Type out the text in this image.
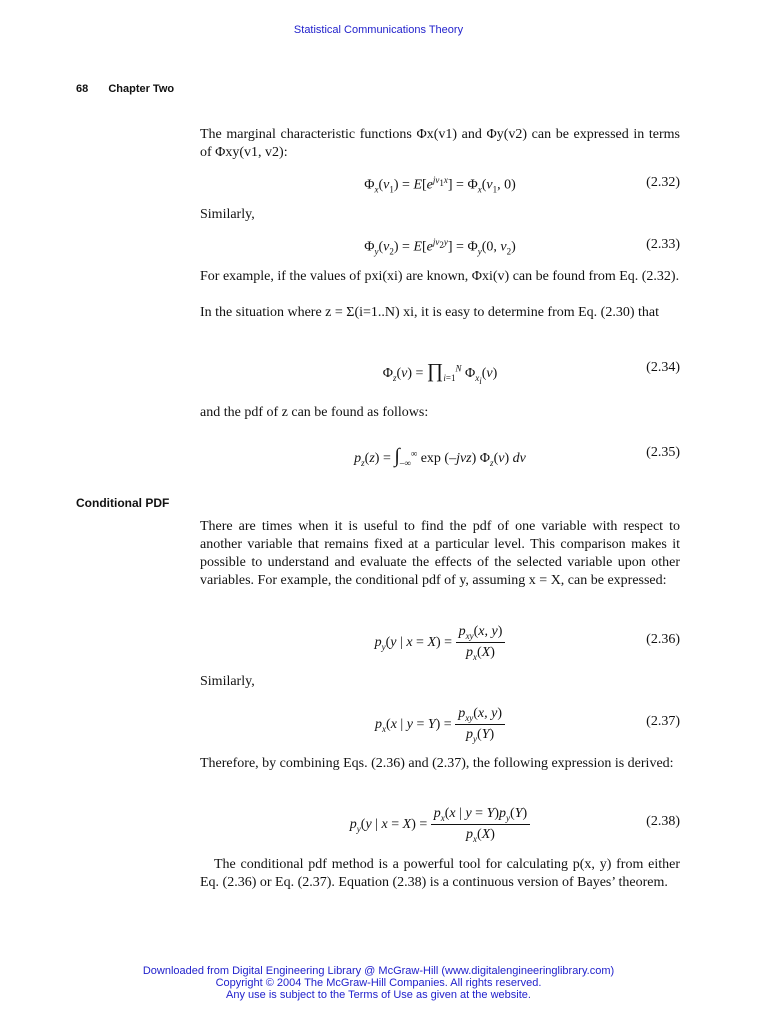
Statistical Communications Theory
68 Chapter Two
The marginal characteristic functions Φx(v1) and Φy(v2) can be expressed in terms of Φxy(v1, v2):
$\Phi_x(v_1) = E[e^{jv_1x}] = \Phi_x(v_1$, 0)	(2.32)
Similarly,
$\Phi_y(v_2) = E[e^{jv_2y}] = \Phi_y(0$, $v_2$)	(2.33)
For example, if the values of pxi(xi) are known, Φxi(v) can be found from Eq. (2.32).
In the situation where z = Σ(i=1..N) xi, it is easy to determine from Eq. (2.30) that
$\Phi_z(v)$ = $\prod_{i=1}^N$ $\Phi_{x_i}(v)$	(2.34)
and the pdf of z can be found as follows:
$p_z(z) = \int_{-\infty}^\infty$ exp (–jvz) $\Phi_z(v)$ dv	(2.35)
Conditional PDF
There are times when it is useful to find the pdf of one variable with respect to another variable that remains fixed at a particular level. This comparison makes it possible to understand and evaluate the effects of the selected variable upon other variables. For example, the conditional pdf of y, assuming x = X, can be expressed:
$p_y(y$ | $x = X) = \frac{p_{xy}(x, y)}{p_x(X)}$	(2.36)
Similarly,
$p_x(x$ | $y = Y) = \frac{p_{xy}(x, y)}{p_y(Y)}$	(2.37)
Therefore, by combining Eqs. (2.36) and (2.37), the following expression is derived:
$p_y(y$ | $x = X) = \frac{p_x(x | y = Y)p_y(Y)}{p_x(X)}$	(2.38)
The conditional pdf method is a powerful tool for calculating p(x, y) from either Eq. (2.36) or Eq. (2.37). Equation (2.38) is a continuous version of Bayes’ theorem.
Downloaded from Digital Engineering Library @ McGraw-Hill (www.digitalengineeringlibrary.com)
Copyright © 2004 The McGraw-Hill Companies. All rights reserved.
Any use is subject to the Terms of Use as given at the website.
